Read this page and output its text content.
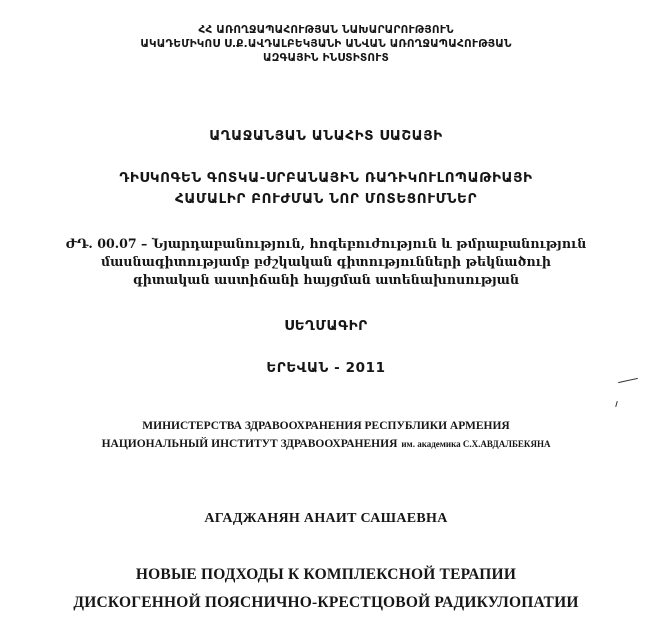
ՀՀ ԱՌՈՂՋԱՊԱՀՈՒԹՅԱՆ ՆԱԽԱՐԱՐՈՒԹՅՈՒՆ
ԱԿԱԴԵՄԻԿՈՍ Ս.Ք.ԱՎԴԱԼԲԵԿՅԱՆԻ ԱՆՎԱՆ ԱՌՈՂՋԱՊԱՀՈՒԹՅԱՆ
ԱԶԳԱՅԻՆ ԻՆՍՏԻՏՈՒՏ
ԱՂԱՋԱՆՅԱՆ ԱՆԱՀԻՏ ՍԱՇԱՅԻ
ԴԻՍԿՈԳԵՆ ԳՈՏԿԱ-ՍՐԲԱՆԱՅԻՆ ՌԱԴԻԿՈՒԼՈՊԱԹԻԱՅԻ
ՀԱՄԱԼԻՐ ԲՈՒԺՄԱՆ ՆՈՐ ՄՈՏԵՑՈՒՄՆԵՐ
ԺԴ. 00.07 – Նյարդաբանություն, հոգեբուժություն և թմրաբանություն
մասնագիտությամբ բժշկական գիտությունների թեկնածուի
գիտական աստիճանի հայցման ատենախոսության
ՍԵՂՄԱԳԻՐ
ԵՐԵՎԱՆ - 2011
МИНИСТЕРСТВА ЗДРАВООХРАНЕНИЯ РЕСПУБЛИКИ АРМЕНИЯ
НАЦИОНАЛЬНЫЙ ИНСТИТУТ ЗДРАВООХРАНЕНИЯ им. академика С.Х.АВДАЛБЕКЯНА
АГАДЖАНЯН АНАИТ САШАЕВНА
НОВЫЕ ПОДХОДЫ К КОМПЛЕКСНОЙ ТЕРАПИИ
ДИСКОГЕННОЙ ПОЯСНИЧНО-КРЕСТЦОВОЙ РАДИКУЛОПАТИИ
